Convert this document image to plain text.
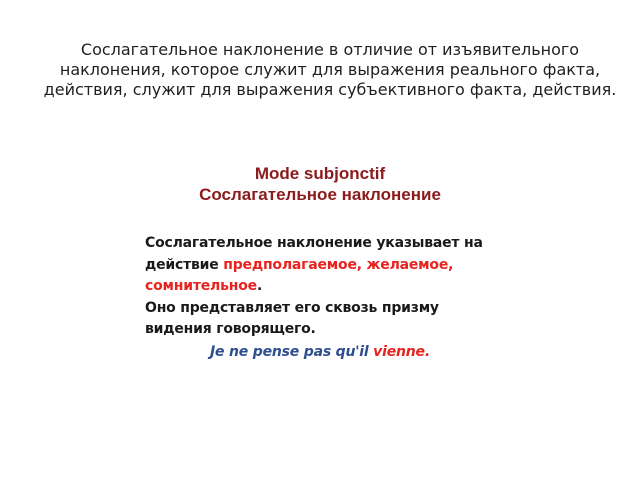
Сослагательное наклонение в отличие от изъявительного наклонения, которое служит для выражения реального факта, действия, служит для выражения субъективного факта, действия.

Mode subjonctif
Сослагательное наклонение

Сослагательное наклонение указывает на действие предполагаемое, желаемое, сомнительное.

Оно представляет его сквозь призму видения говорящего.

Je ne pense pas qu'il vienne.
